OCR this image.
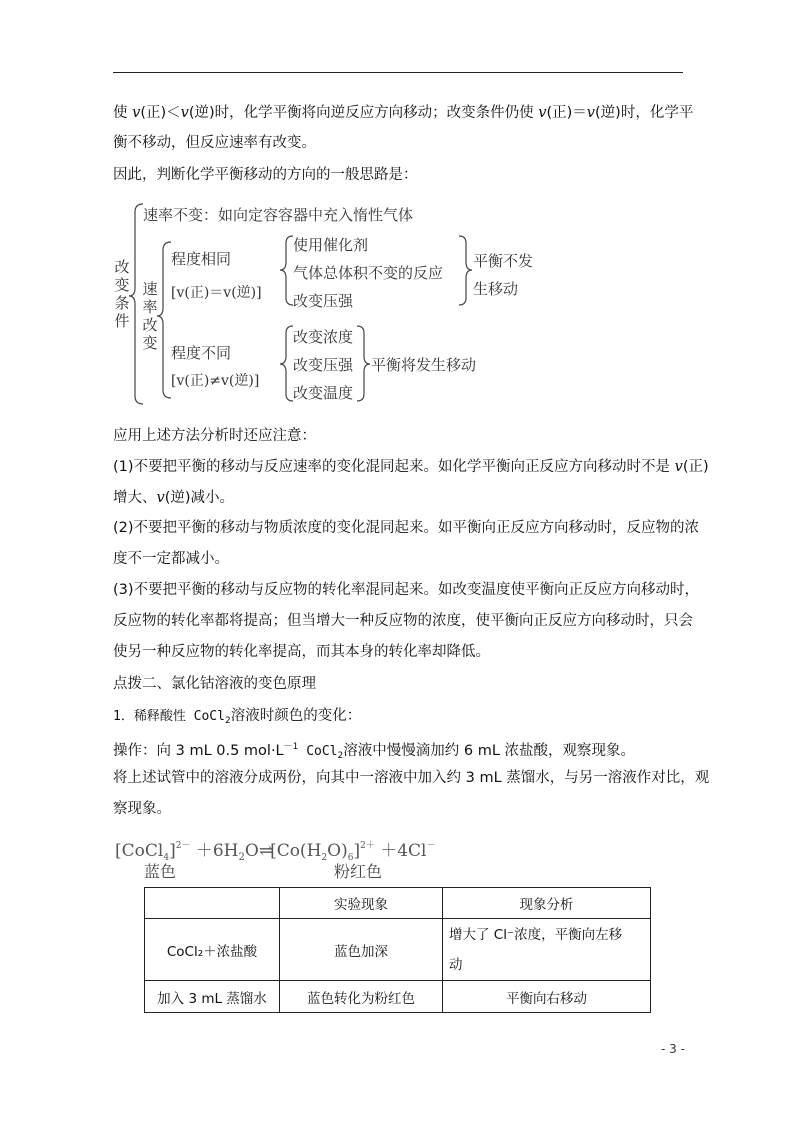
使 v(正)＜v(逆)时，化学平衡将向逆反应方向移动；改变条件仍使 v(正)＝v(逆)时，化学平
衡不移动，但反应速率有改变。
因此，判断化学平衡移动的方向的一般思路是：
改
变
条
件
速率不变：如向定容容器中充入惰性气体
速
率
改
变
程度相同
[v(正)＝v(逆)]
使用催化剂
气体总体积不变的反应
改变压强
平衡不发
生移动
程度不同
[v(正)≠v(逆)]
改变浓度
改变压强
改变温度
平衡将发生移动
应用上述方法分析时还应注意：
(1)不要把平衡的移动与反应速率的变化混同起来。如化学平衡向正反应方向移动时不是 v(正)
增大、v(逆)减小。
(2)不要把平衡的移动与物质浓度的变化混同起来。如平衡向正反应方向移动时，反应物的浓
度不一定都减小。
(3)不要把平衡的移动与反应物的转化率混同起来。如改变温度使平衡向正反应方向移动时，
反应物的转化率都将提高；但当增大一种反应物的浓度，使平衡向正反应方向移动时，只会
使另一种反应物的转化率提高，而其本身的转化率却降低。
点拨二、氯化钴溶液的变色原理
1．稀释酸性 CoCl$_2$溶液时颜色的变化：
操作：向 3 mL 0.5 $mol\cdot L^{-1}$ CoCl$_2$溶液中慢慢滴加约 6 mL 浓盐酸，观察现象。
将上述试管中的溶液分成两份，向其中一溶液中加入约 3 mL 蒸馏水，与另一溶液作对比，观
察现象。
[CoCl$_4$]$^{2-}$ $+6H_2O\rightleftharpoons[Co(H_2O)_6]^{2+} +4Cl^-$
蓝色	粉红色
	实验现象	现象分析
CoCl₂＋浓盐酸	蓝色加深	增大了 Cl⁻浓度，平衡向左移
动

加入 3 mL 蒸馏水	蓝色转化为粉红色	平衡向右移动
- 3 -
